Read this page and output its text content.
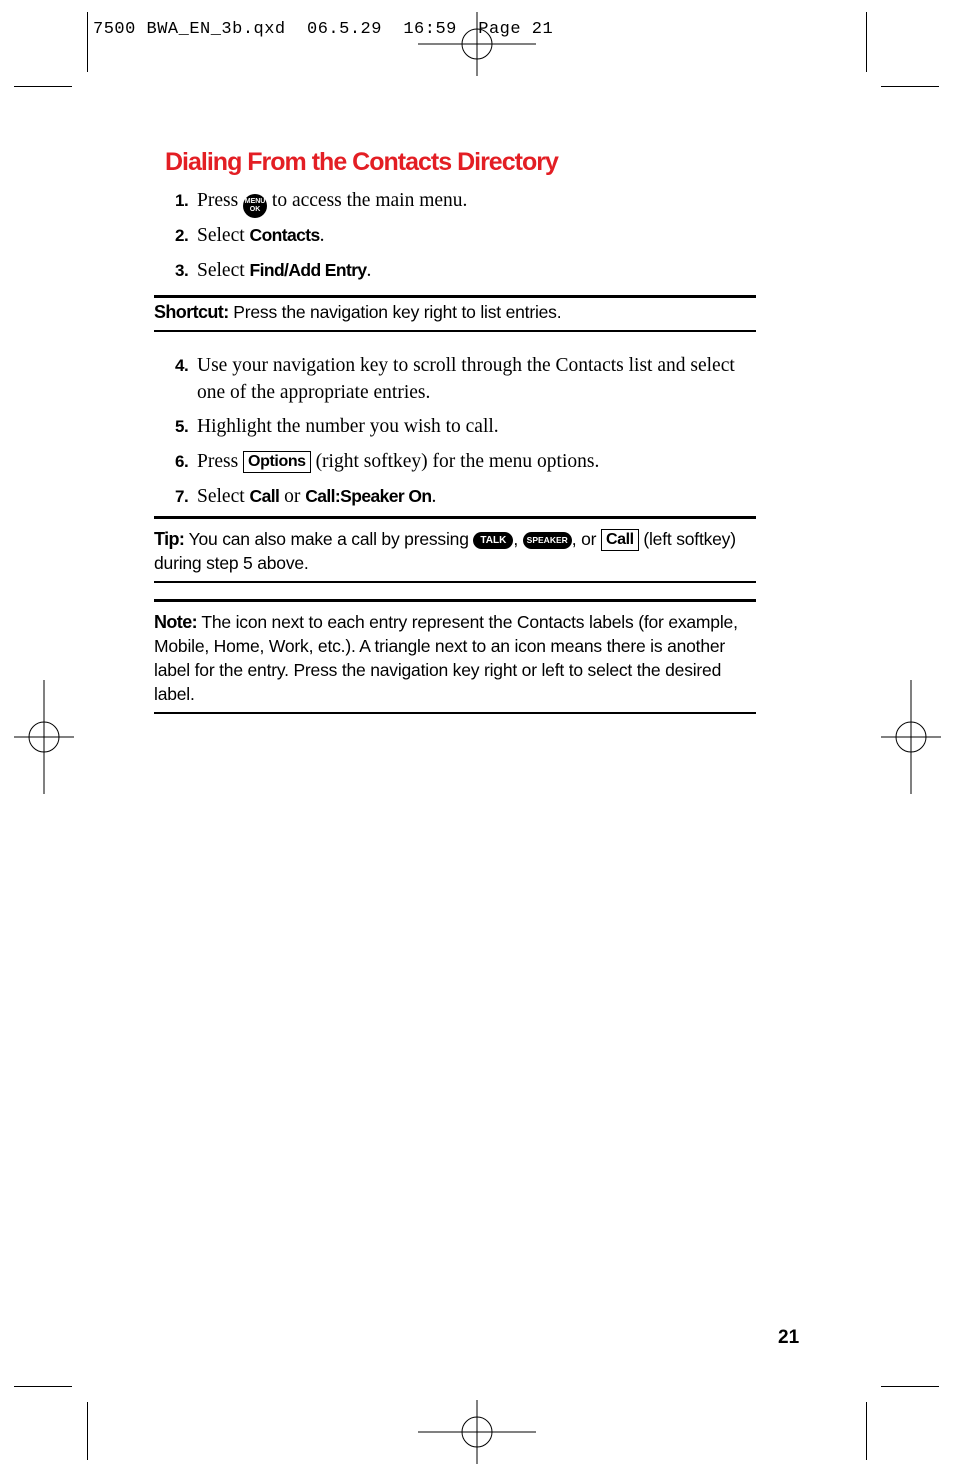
7500 BWA_EN_3b.qxd  06.5.29  16:59  Page 21
Dialing From the Contacts Directory
1. Press MENU
OK to access the main menu.
2. Select Contacts.
3. Select Find/Add Entry.
Shortcut: Press the navigation key right to list entries.
4. Use your navigation key to scroll through the Contacts list and select one of the appropriate entries.
5. Highlight the number you wish to call.
6. Press Options (right softkey) for the menu options.
7. Select Call or Call:Speaker On.
Tip: You can also make a call by pressing TALK , SPEAKER , or Call (left softkey) during step 5 above.
Note: The icon next to each entry represent the Contacts labels (for example, Mobile, Home, Work, etc.). A triangle next to an icon means there is another label for the entry. Press the navigation key right or left to select the desired label.
21
